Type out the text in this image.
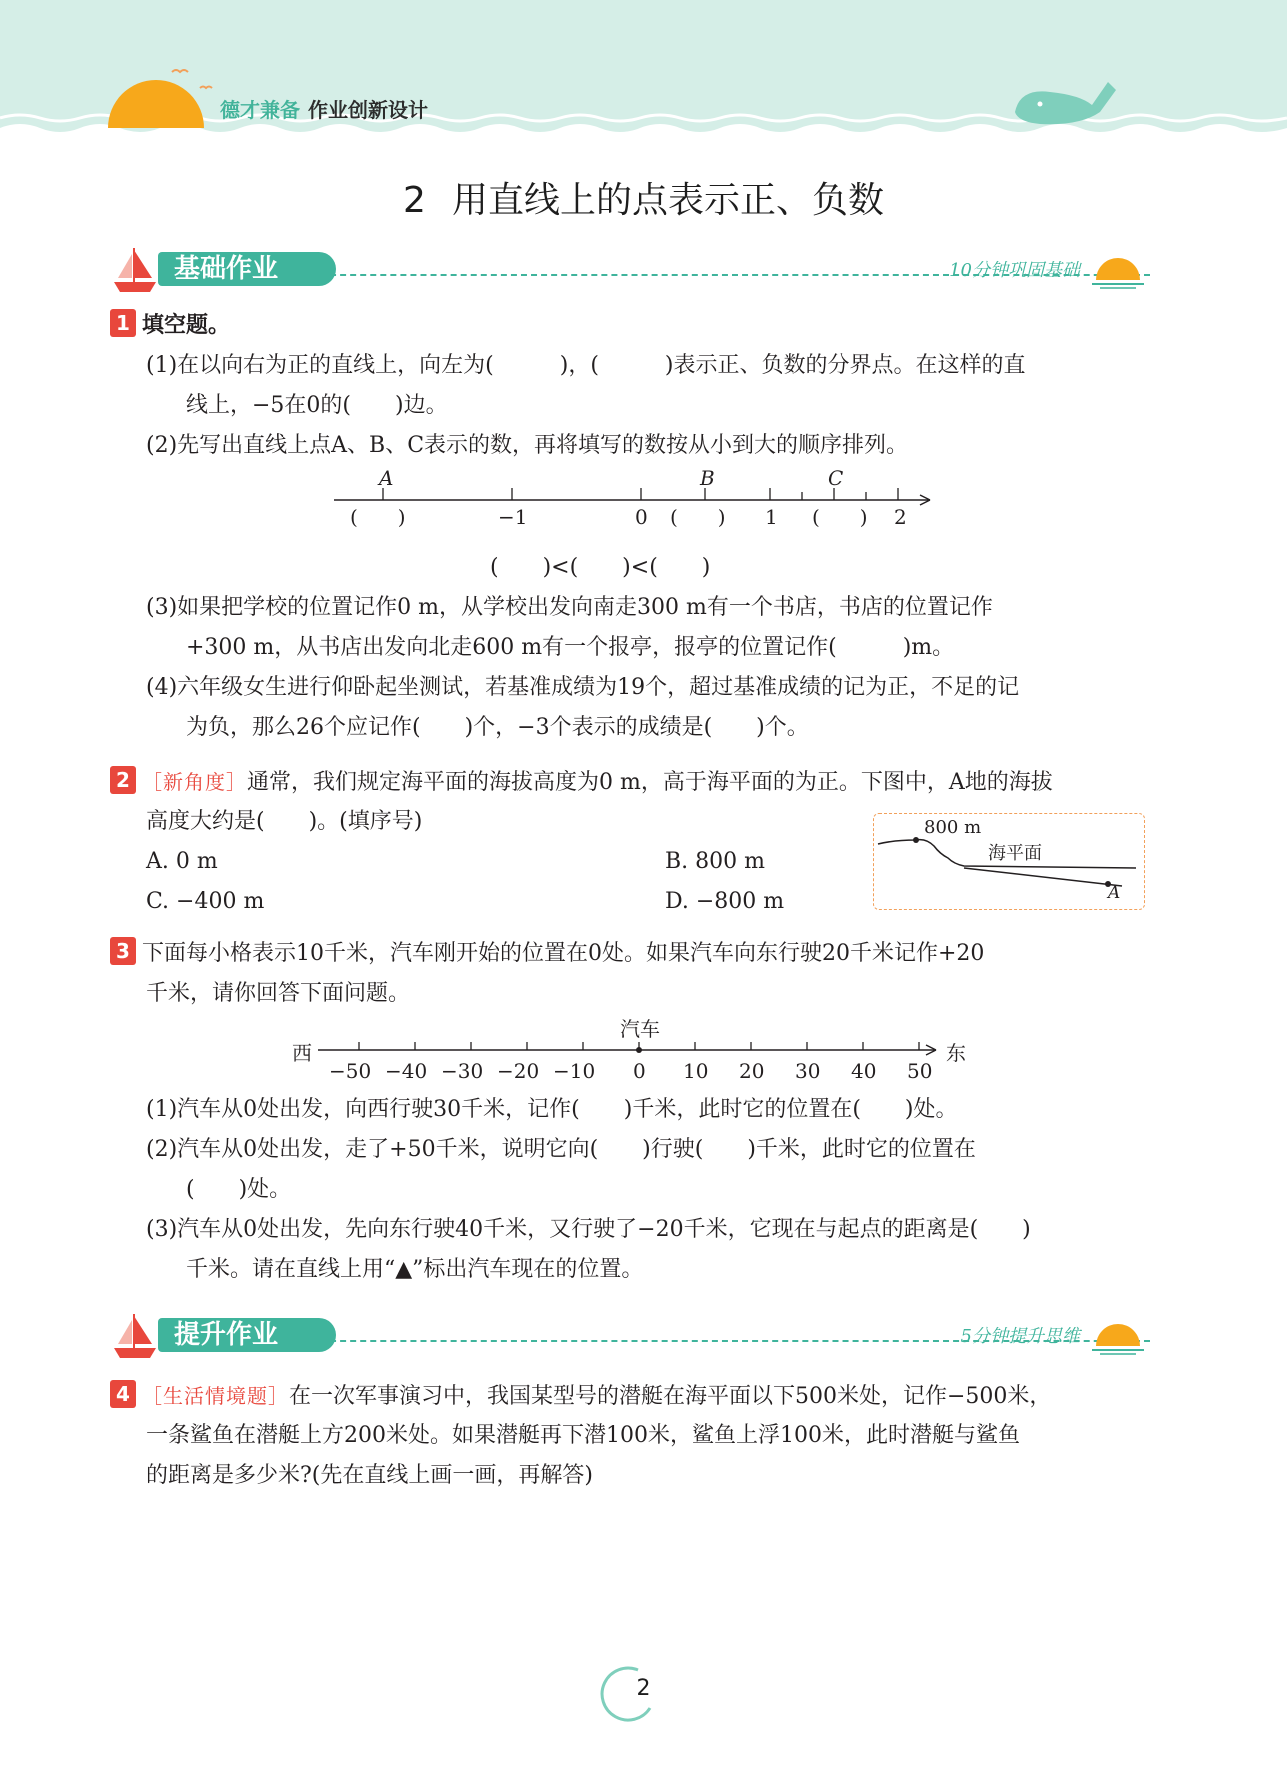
德才兼备 作业创新设计
2 用直线上的点表示正、负数
基础作业	10分钟巩固基础
1 填空题。
(1)在以向右为正的直线上，向左为(　　　)，(　　　)表示正、负数的分界点。在这样的直
线上，−5在0的(　　)边。
(2)先写出直线上点A、B、C表示的数，再将填写的数按从小到大的顺序排列。
A	B	C
(　　)	−1	0 (　　) 1 (　　) 2
(　　)<(　　)<(　　)
(3)如果把学校的位置记作0 m，从学校出发向南走300 m有一个书店，书店的位置记作
+300 m，从书店出发向北走600 m有一个报亭，报亭的位置记作(　　　)m。
(4)六年级女生进行仰卧起坐测试，若基准成绩为19个，超过基准成绩的记为正，不足的记
为负，那么26个应记作(　　)个，−3个表示的成绩是(　　)个。
2 ［新角度］通常，我们规定海平面的海拔高度为0 m，高于海平面的为正。下图中，A地的海拔
高度大约是(　　)。(填序号)
A. 0 m	B. 800 m
C. −400 m	D. −800 m
800 m
海平面
A
3 下面每小格表示10千米，汽车刚开始的位置在0处。如果汽车向东行驶20千米记作+20
千米，请你回答下面问题。
西	东
汽车
−50 −40 −30 −20 −10 0 10 20 30 40 50
(1)汽车从0处出发，向西行驶30千米，记作(　　)千米，此时它的位置在(　　)处。
(2)汽车从0处出发，走了+50千米，说明它向(　　)行驶(　　)千米，此时它的位置在
(　　)处。
(3)汽车从0处出发，先向东行驶40千米，又行驶了−20千米，它现在与起点的距离是(　　)
千米。请在直线上用“▲”标出汽车现在的位置。
提升作业	5分钟提升思维
4 ［生活情境题］在一次军事演习中，我国某型号的潜艇在海平面以下500米处，记作−500米，
一条鲨鱼在潜艇上方200米处。如果潜艇再下潜100米，鲨鱼上浮100米，此时潜艇与鲨鱼
的距离是多少米?(先在直线上画一画，再解答)
2
